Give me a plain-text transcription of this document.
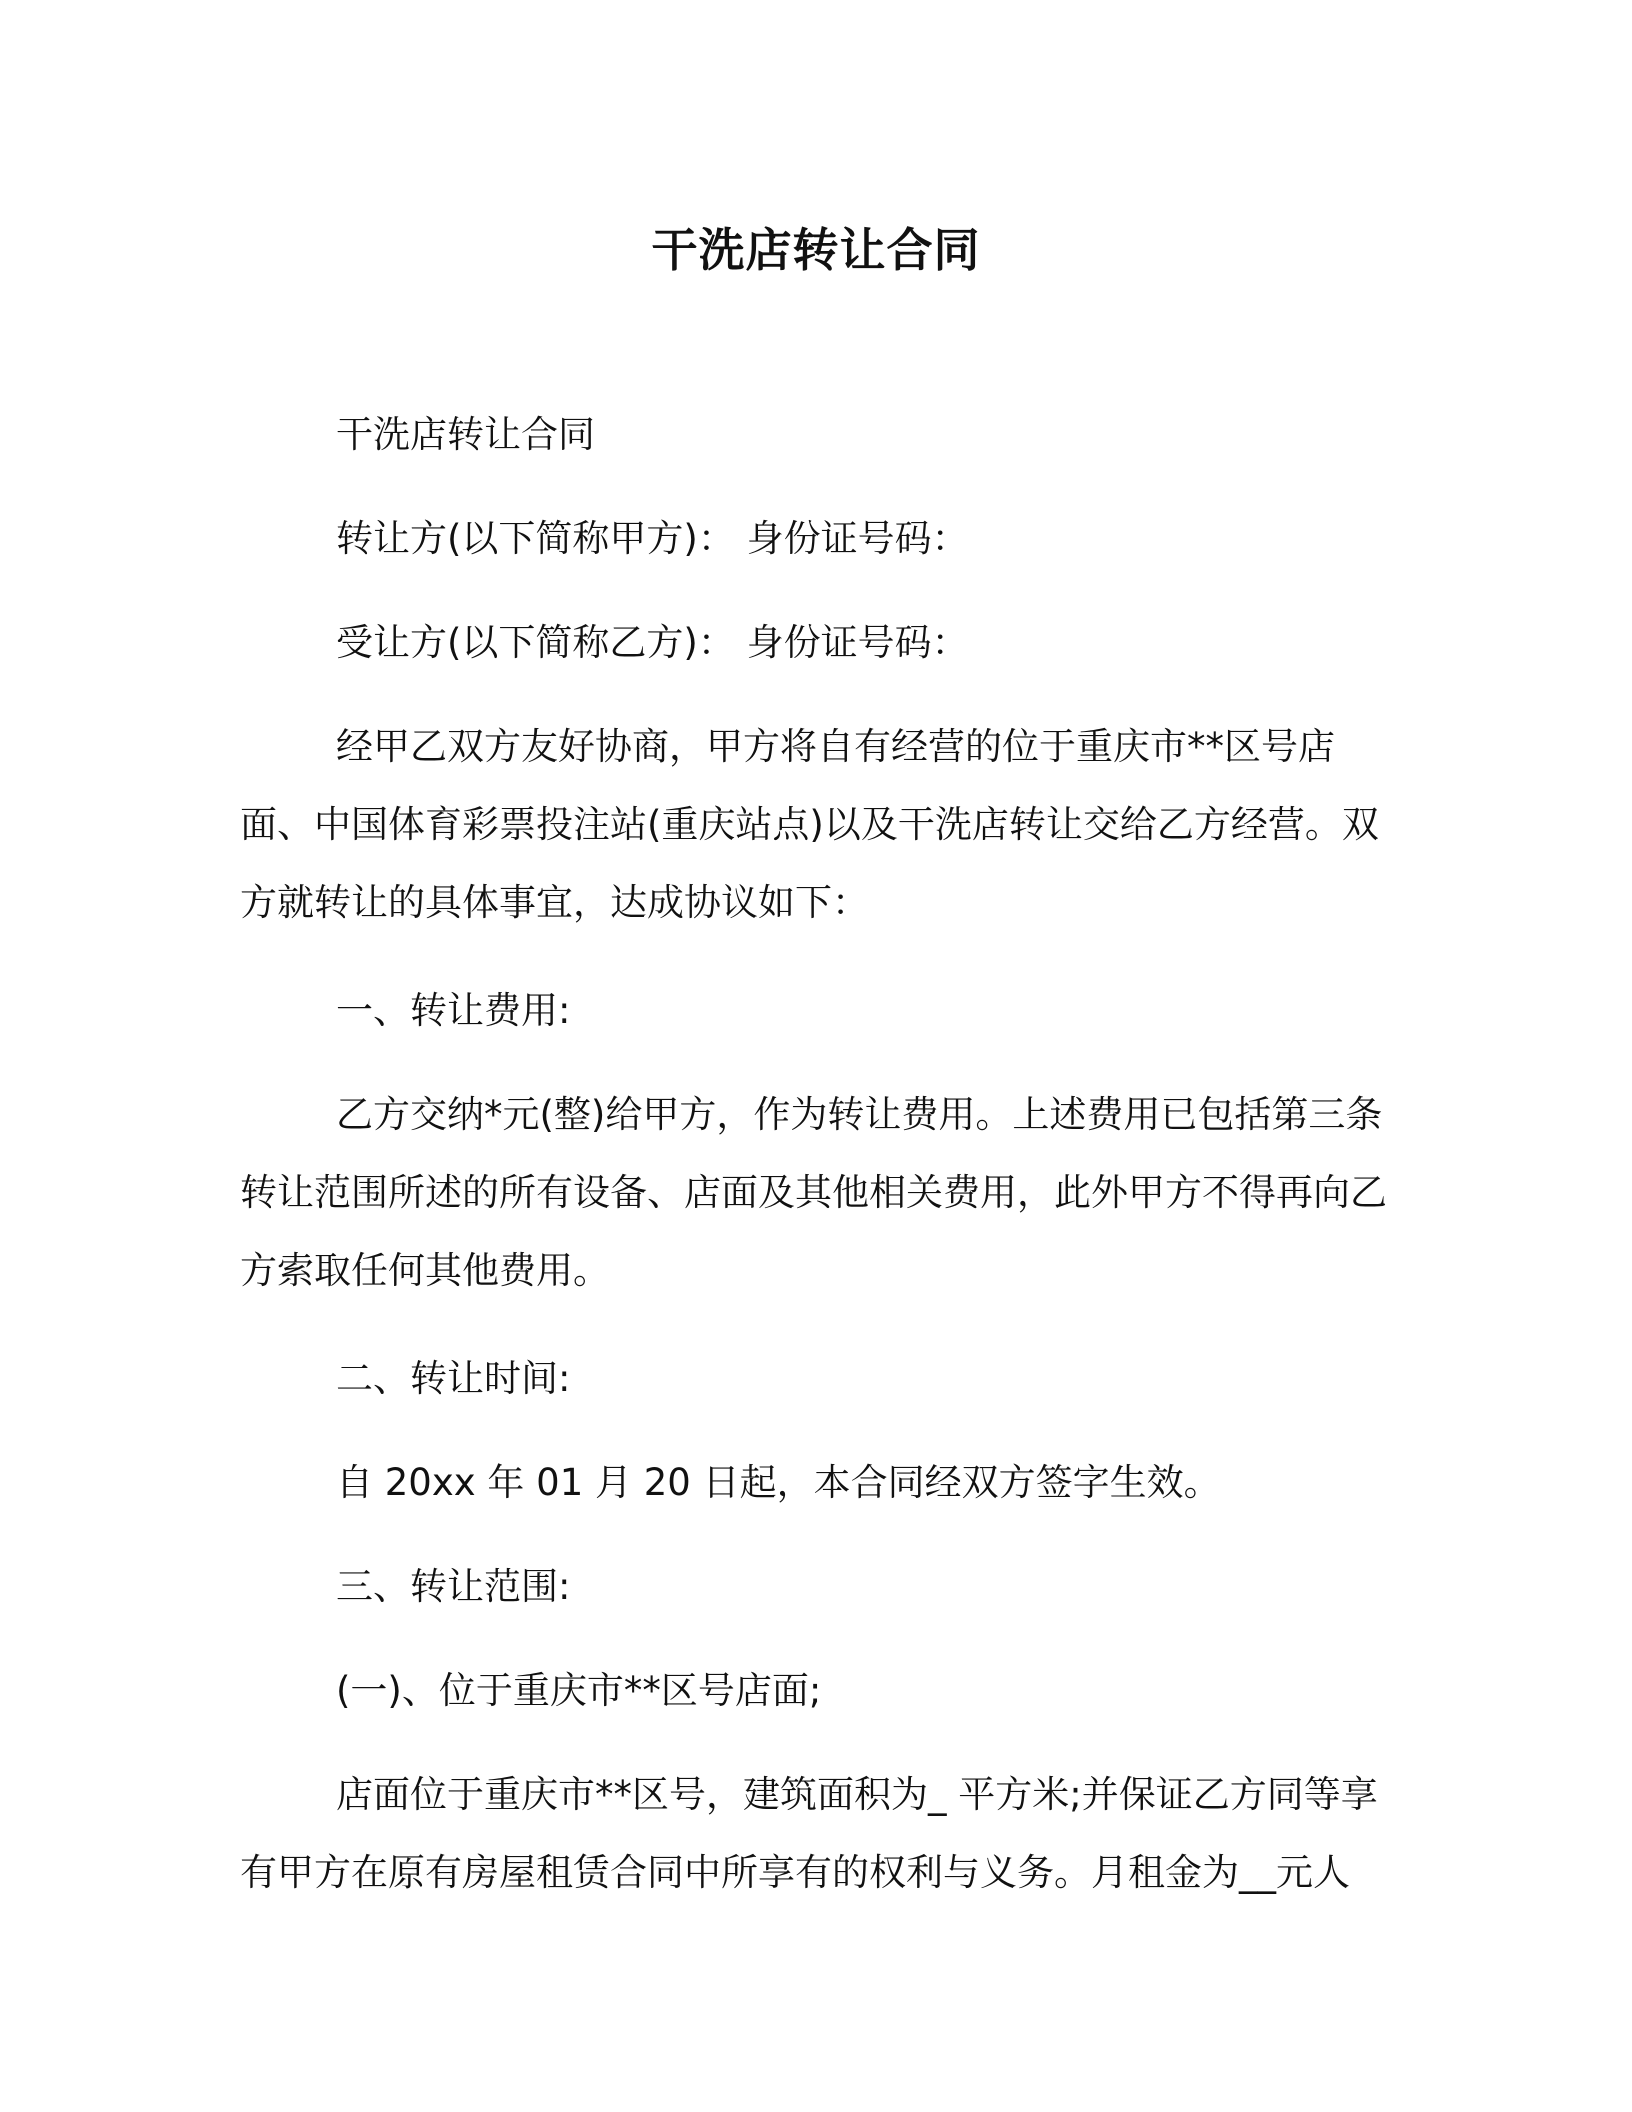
干洗店转让合同

干洗店转让合同

转让方(以下简称甲方)： 身份证号码：

受让方(以下简称乙方)： 身份证号码：

经甲乙双方友好协商，甲方将自有经营的位于重庆市**区号店面、中国体育彩票投注站(重庆站点)以及干洗店转让交给乙方经营。双方就转让的具体事宜，达成协议如下：

一、转让费用:

乙方交纳*元(整)给甲方，作为转让费用。上述费用已包括第三条转让范围所述的所有设备、店面及其他相关费用，此外甲方不得再向乙方索取任何其他费用。

二、转让时间:

自 20xx 年 01 月 20 日起，本合同经双方签字生效。

三、转让范围:

(一)、位于重庆市**区号店面;

店面位于重庆市**区号，建筑面积为_ 平方米;并保证乙方同等享有甲方在原有房屋租赁合同中所享有的权利与义务。月租金为__元人
